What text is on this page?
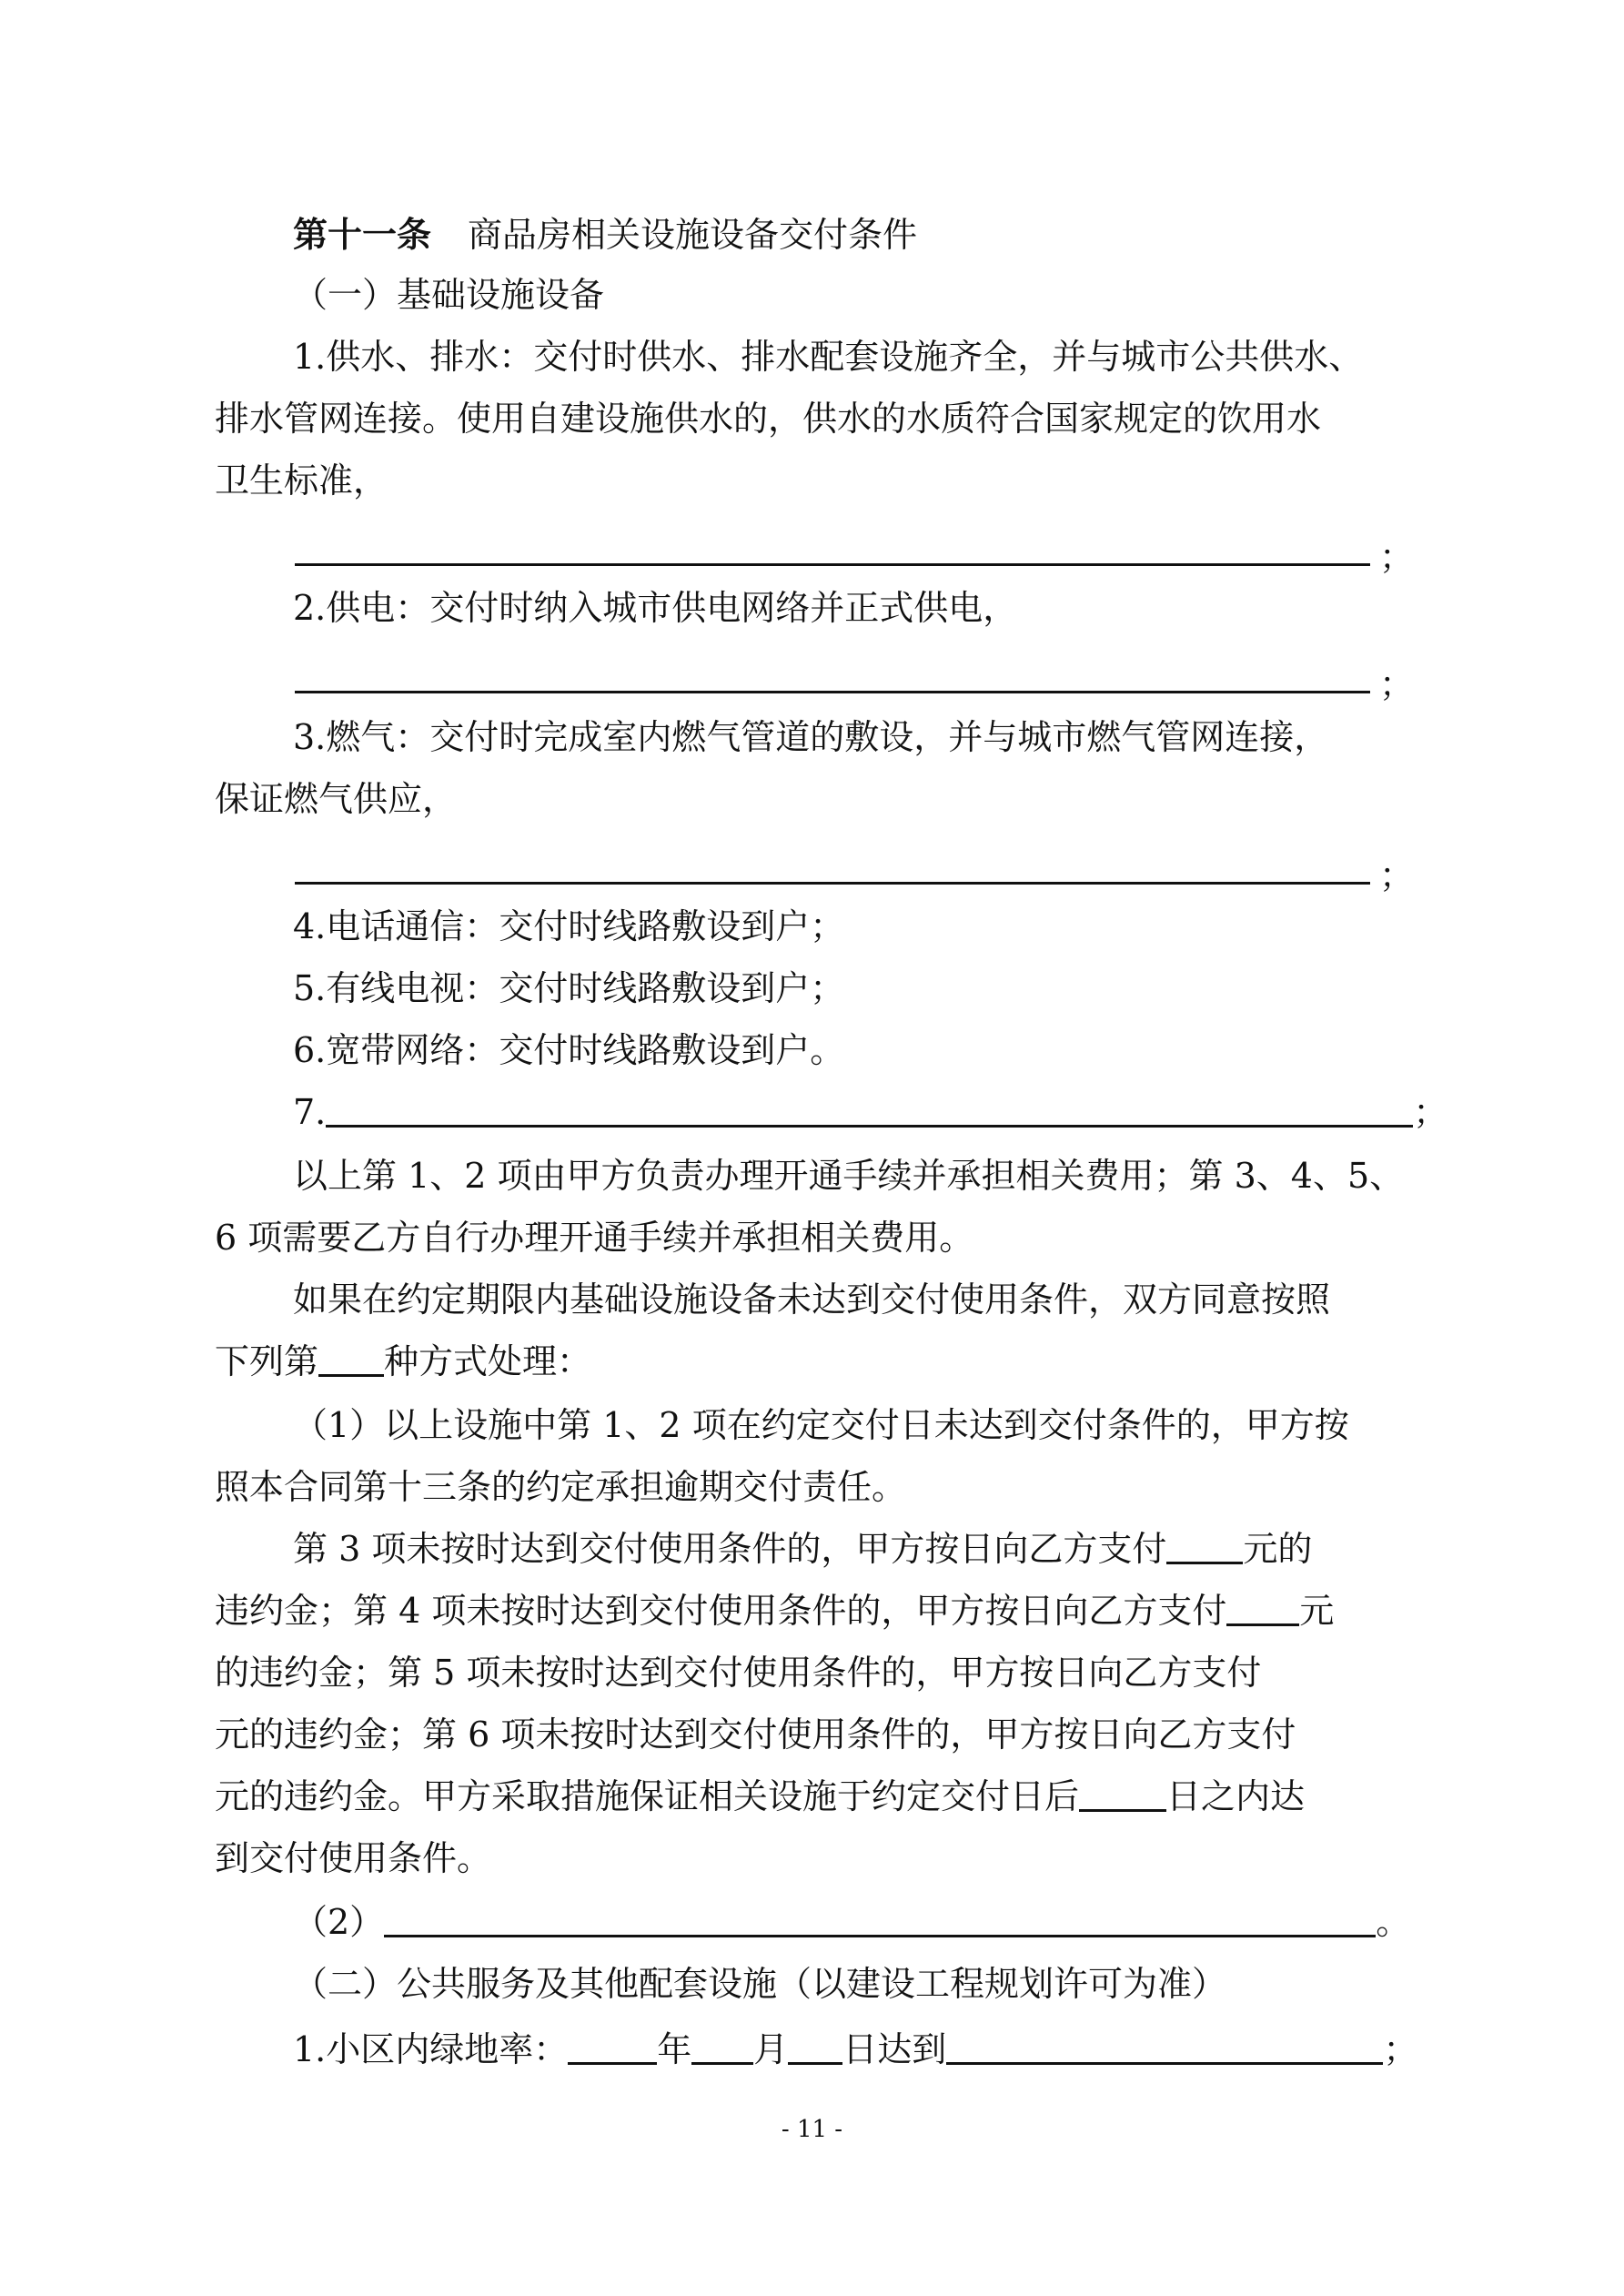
第十一条 商品房相关设施设备交付条件
（一）基础设施设备
1.供水、排水：交付时供水、排水配套设施齐全，并与城市公共供水、
排水管网连接。使用自建设施供水的，供水的水质符合国家规定的饮用水
卫生标准，
；
2.供电：交付时纳入城市供电网络并正式供电，
；
3.燃气：交付时完成室内燃气管道的敷设，并与城市燃气管网连接，
保证燃气供应，
；
4.电话通信：交付时线路敷设到户；
5.有线电视：交付时线路敷设到户；
6.宽带网络：交付时线路敷设到户。
7.	；
以上第 1、2 项由甲方负责办理开通手续并承担相关费用；第 3、4、5、
6 项需要乙方自行办理开通手续并承担相关费用。
如果在约定期限内基础设施设备未达到交付使用条件，双方同意按照
下列第 种方式处理：
（1）以上设施中第 1、2 项在约定交付日未达到交付条件的，甲方按
照本合同第十三条的约定承担逾期交付责任。
第 3 项未按时达到交付使用条件的，甲方按日向乙方支付 元的
违约金；第 4 项未按时达到交付使用条件的，甲方按日向乙方支付 元
的违约金；第 5 项未按时达到交付使用条件的，甲方按日向乙方支付
元的违约金；第 6 项未按时达到交付使用条件的，甲方按日向乙方支付
元的违约金。甲方采取措施保证相关设施于约定交付日后	日之内达
到交付使用条件。
（2）	。
（二）公共服务及其他配套设施（以建设工程规划许可为准）
1.小区内绿地率：	年 月 日达到	；
- 11 -
